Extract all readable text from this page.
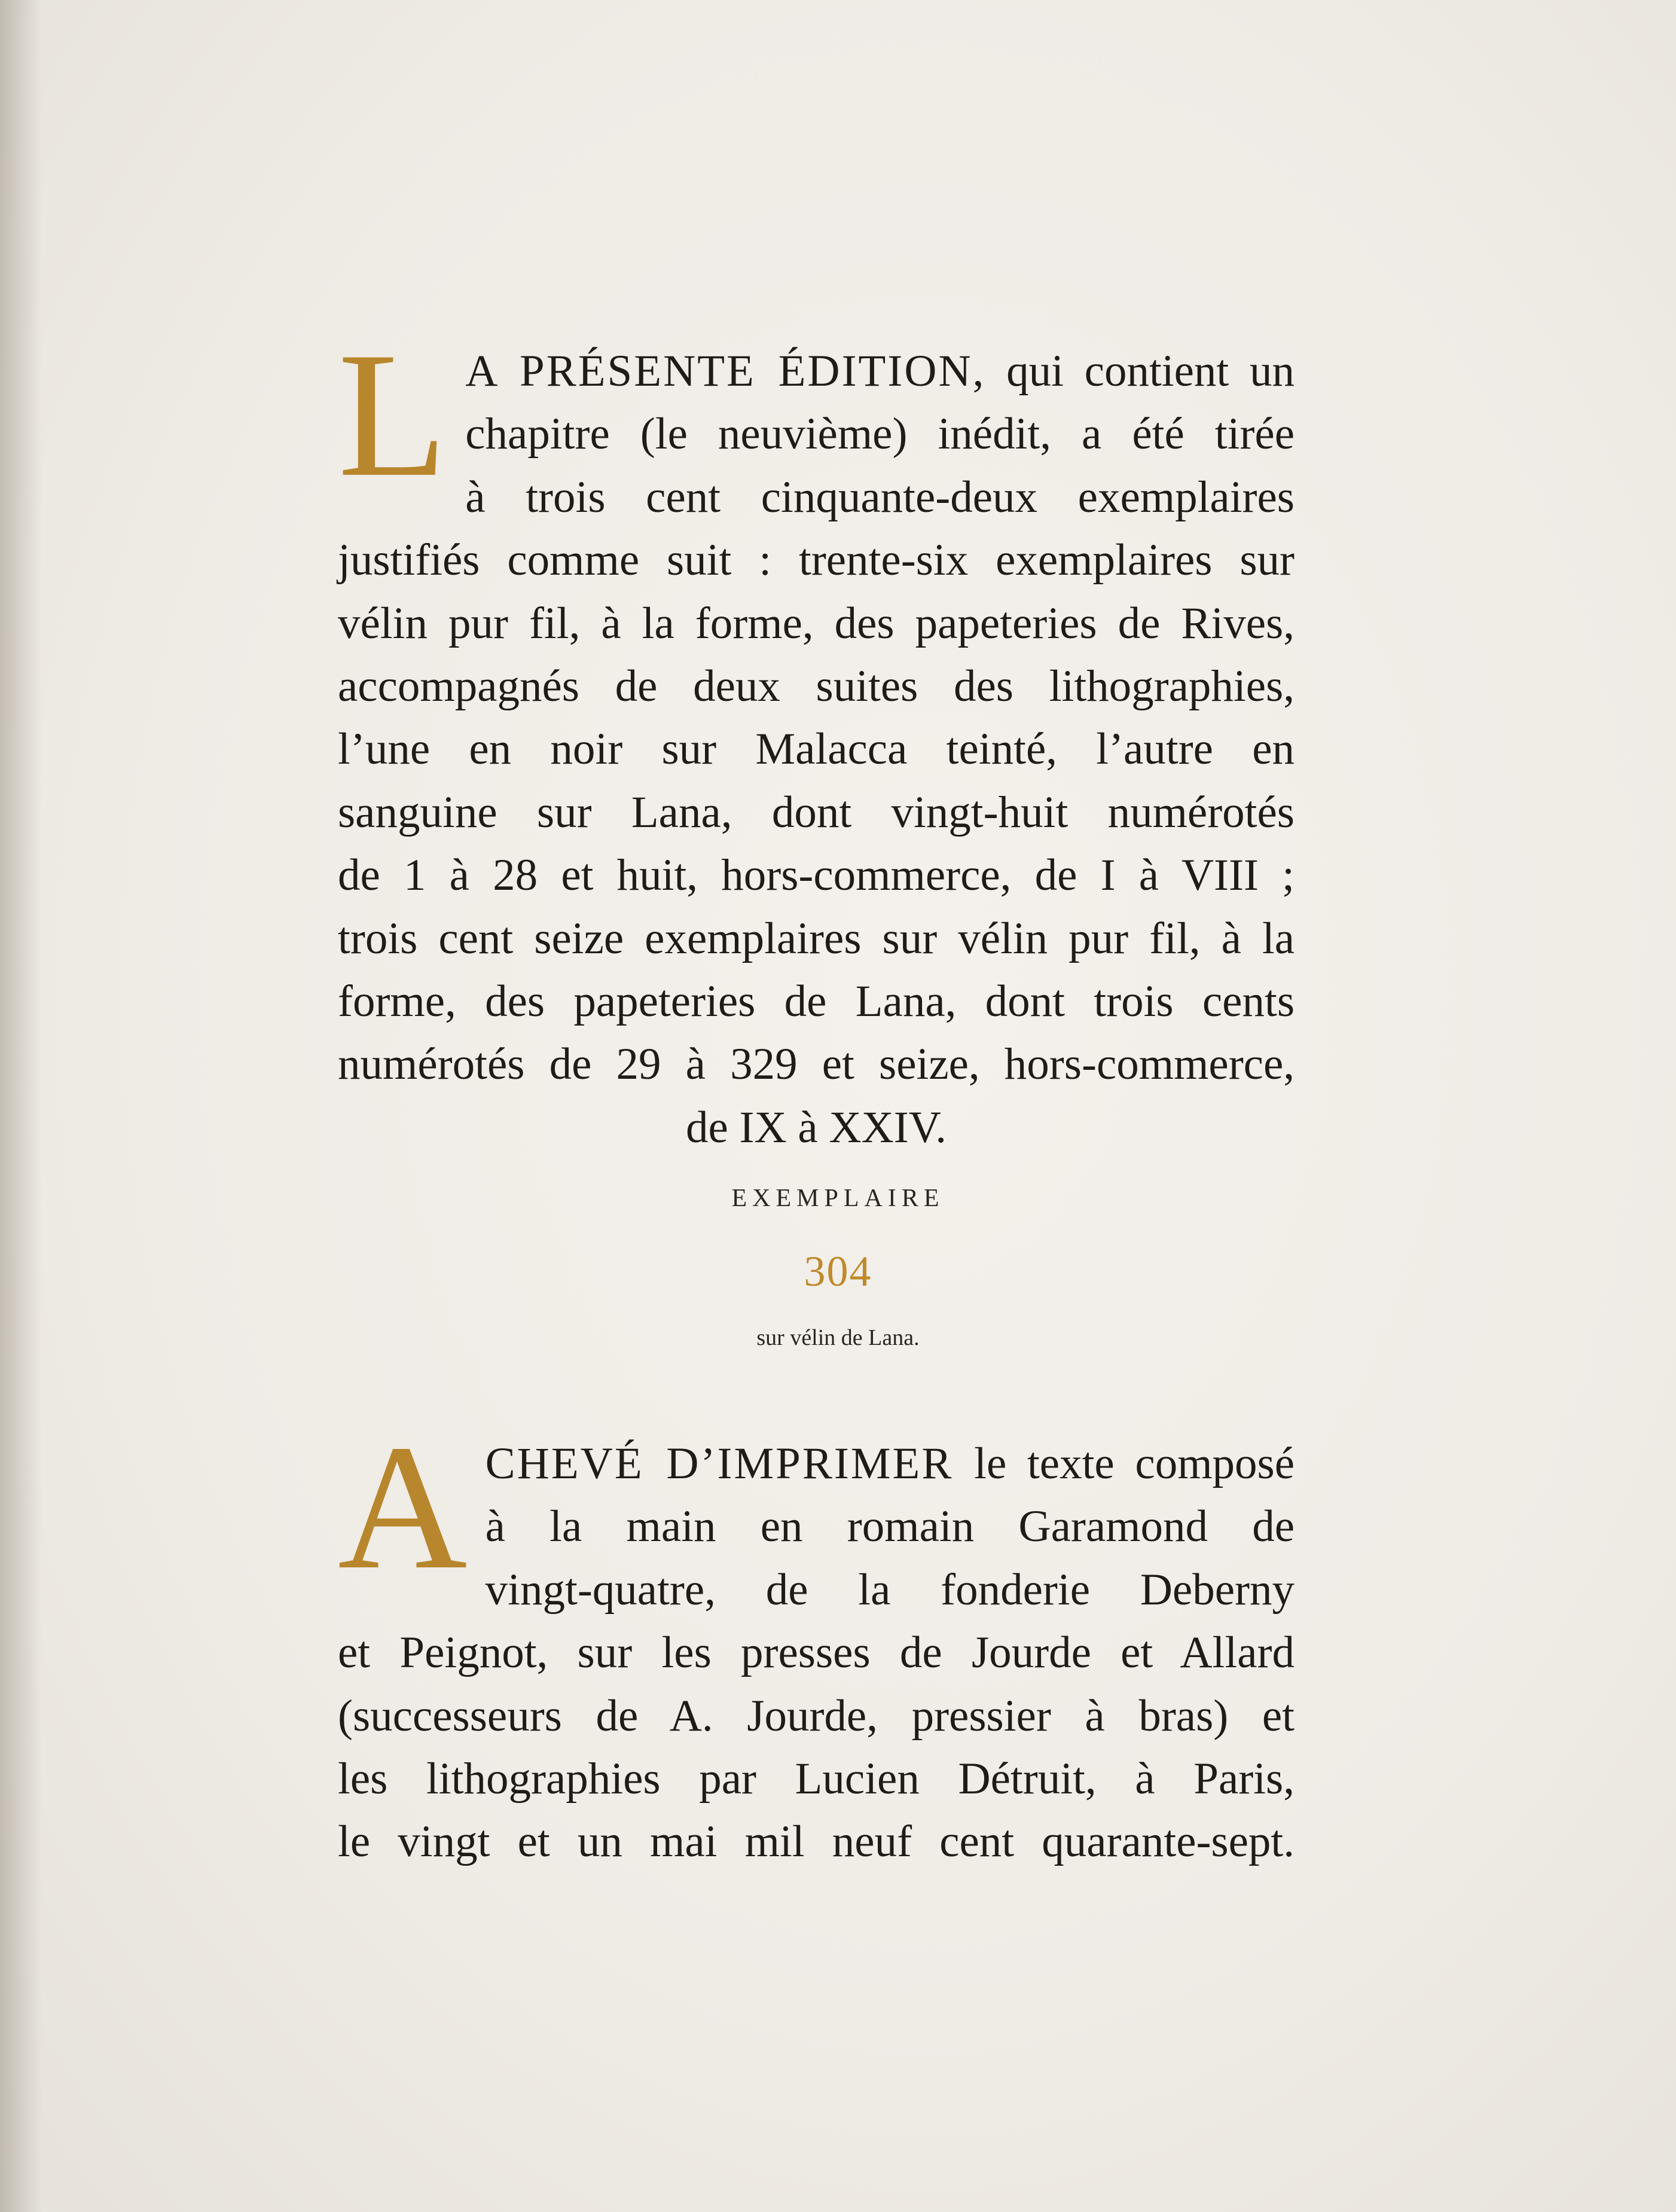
L A PRÉSENTE ÉDITION, qui contient un
chapitre (le neuvième) inédit, a été tirée
à trois cent cinquante-deux exemplaires
justifiés comme suit : trente-six exemplaires sur
vélin pur fil, à la forme, des papeteries de Rives,
accompagnés de deux suites des lithographies,
l’une en noir sur Malacca teinté, l’autre en
sanguine sur Lana, dont vingt-huit numérotés
de 1 à 28 et huit, hors-commerce, de I à VIII ;
trois cent seize exemplaires sur vélin pur fil, à la
forme, des papeteries de Lana, dont trois cents
numérotés de 29 à 329 et seize, hors-commerce,
de IX à XXIV.
EXEMPLAIRE
304
sur vélin de Lana.
A CHEVÉ D’IMPRIMER le texte composé
à la main en romain Garamond de
vingt-quatre, de la fonderie Deberny
et Peignot, sur les presses de Jourde et Allard
(successeurs de A. Jourde, pressier à bras) et
les lithographies par Lucien Détruit, à Paris,
le vingt et un mai mil neuf cent quarante-sept.
